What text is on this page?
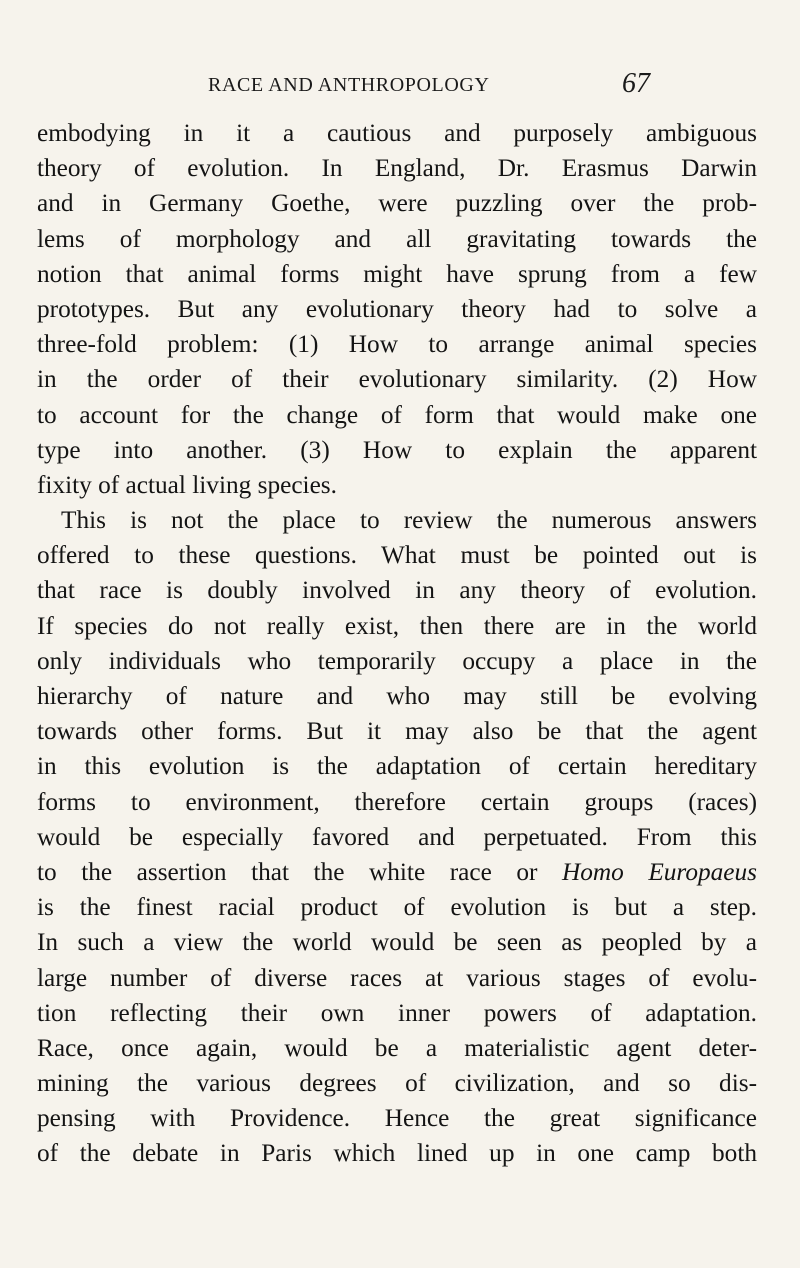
RACE AND ANTHROPOLOGY	67
embodying in it a cautious and purposely ambiguous
theory of evolution. In England, Dr. Erasmus Darwin
and in Germany Goethe, were puzzling over the prob-
lems of morphology and all gravitating towards the
notion that animal forms might have sprung from a few
prototypes. But any evolutionary theory had to solve a
three-fold problem: (1) How to arrange animal species
in the order of their evolutionary similarity. (2) How
to account for the change of form that would make one
type into another. (3) How to explain the apparent
fixity of actual living species.
This is not the place to review the numerous answers
offered to these questions. What must be pointed out is
that race is doubly involved in any theory of evolution.
If species do not really exist, then there are in the world
only individuals who temporarily occupy a place in the
hierarchy of nature and who may still be evolving
towards other forms. But it may also be that the agent
in this evolution is the adaptation of certain hereditary
forms to environment, therefore certain groups (races)
would be especially favored and perpetuated. From this
to the assertion that the white race or Homo Europaeus
is the finest racial product of evolution is but a step.
In such a view the world would be seen as peopled by a
large number of diverse races at various stages of evolu-
tion reflecting their own inner powers of adaptation.
Race, once again, would be a materialistic agent deter-
mining the various degrees of civilization, and so dis-
pensing with Providence. Hence the great significance
of the debate in Paris which lined up in one camp both
